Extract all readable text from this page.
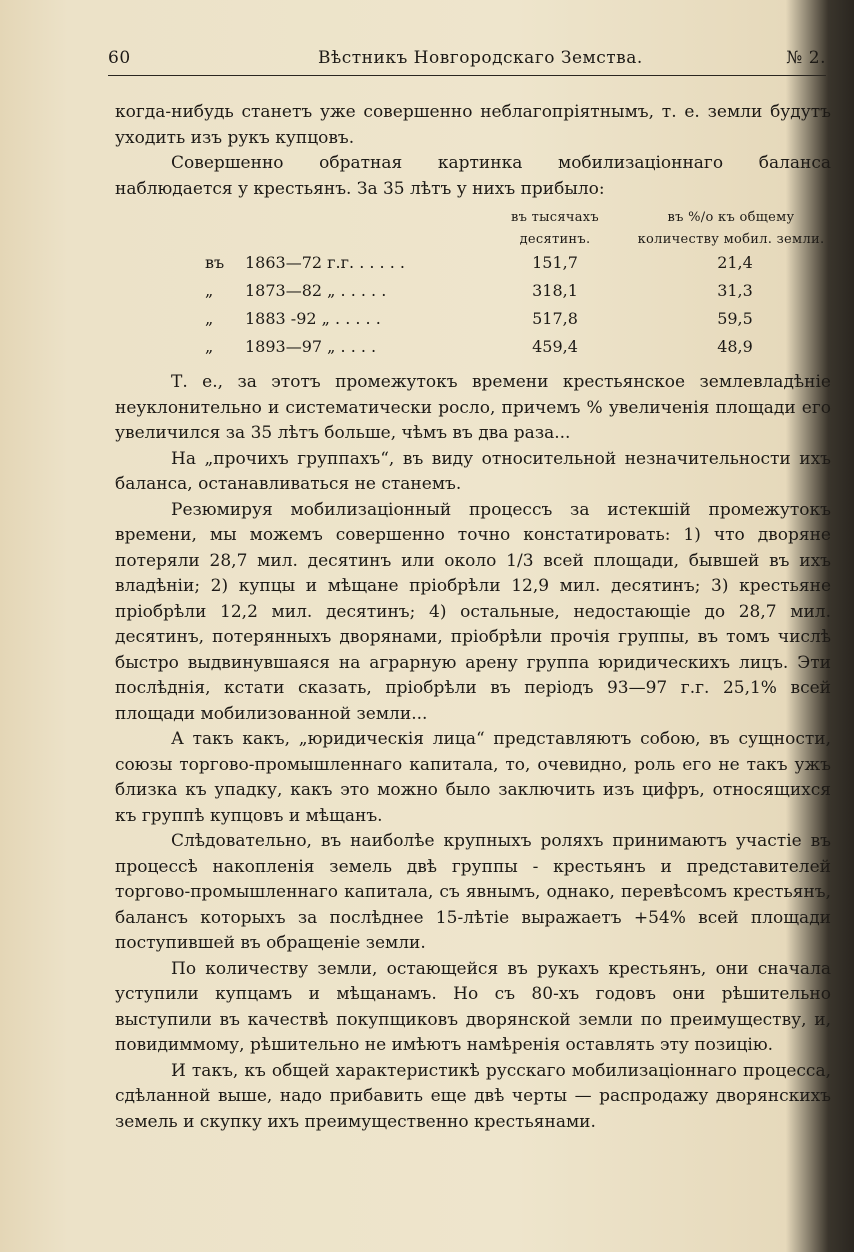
60	Вѣстникъ Новгородскаго Земства.	№ 2.

когда-нибудь станетъ уже совершенно неблагопріятнымъ, т. е. земли будутъ уходить изъ рукъ купцовъ.

Совершенно обратная картинка мобилизаціоннаго баланса наблюдается у крестьянъ. За 35 лѣтъ у нихъ прибыло:

въ тысячахъ десятинъ.
въ %/o къ общему количеству мобил. земли.
въ	1863—72 г.г. . . . . .	151,7	21,4
„	1873—82 „ . . . . .	318,1	31,3
„	1883 -92 „ . . . . .	517,8	59,5
„	1893—97 „ . . . .	459,4	48,9

Т. е., за этотъ промежутокъ времени крестьянское землевладѣніе неуклонительно и систематически росло, причемъ % увеличенія площади его увеличился за 35 лѣтъ больше, чѣмъ въ два раза...

На „прочихъ группахъ“, въ виду относительной незначительности ихъ баланса, останавливаться не станемъ.

Резюмируя мобилизаціонный процессъ за истекшій промежутокъ времени, мы можемъ совершенно точно констатировать: 1) что дворяне потеряли 28,7 мил. десятинъ или около 1/3 всей площади, бывшей въ ихъ владѣніи; 2) купцы и мѣщане пріобрѣли 12,9 мил. десятинъ; 3) крестьяне пріобрѣли 12,2 мил. десятинъ; 4) остальные, недостающіе до 28,7 мил. десятинъ, потерянныхъ дворянами, пріобрѣли прочія группы, въ томъ числѣ быстро выдвинувшаяся на аграрную арену группа юридическихъ лицъ. Эти послѣднія, кстати сказать, пріобрѣли въ періодъ 93—97 г.г. 25,1% всей площади мобилизованной земли...

А такъ какъ, „юридическія лица“ представляютъ собою, въ сущности, союзы торгово-промышленнаго капитала, то, очевидно, роль его не такъ ужъ близка къ упадку, какъ это можно было заключить изъ цифръ, относящихся къ группѣ купцовъ и мѣщанъ.

Слѣдовательно, въ наиболѣе крупныхъ роляхъ принимаютъ участіе въ процессѣ накопленія земель двѣ группы - крестьянъ и представителей торгово-промышленнаго капитала, съ явнымъ, однако, перевѣсомъ крестьянъ, балансъ которыхъ за послѣднее 15-лѣтіе выражаетъ +54% всей площади поступившей въ обращеніе земли.

По количеству земли, остающейся въ рукахъ крестьянъ, они сначала уступили купцамъ и мѣщанамъ. Но съ 80-хъ годовъ они рѣшительно выступили въ качествѣ покупщиковъ дворянской земли по преимуществу, и, повидиммому, рѣшительно не имѣютъ намѣренія оставлять эту позицію.

И такъ, къ общей характеристикѣ русскаго мобилизаціоннаго процесса, сдѣланной выше, надо прибавить еще двѣ черты — распродажу дворянскихъ земель и скупку ихъ преимущественно крестьянами.
